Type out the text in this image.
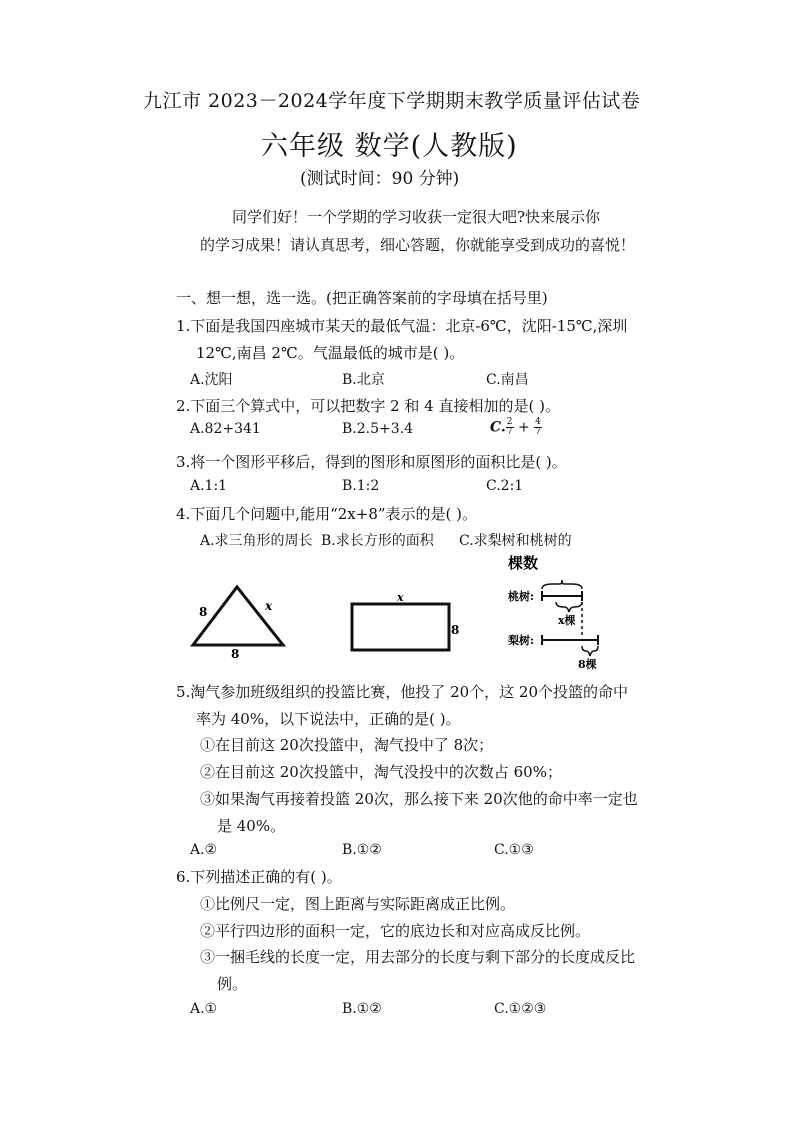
九江市 2023－2024学年度下学期期末教学质量评估试卷
六年级 数学(人教版)
(测试时间：90 分钟)
同学们好！一个学期的学习收获一定很大吧?快来展示你
的学习成果！请认真思考，细心答题，你就能享受到成功的喜悦！
一、想一想，选一选。(把正确答案前的字母填在括号里)
1.下面是我国四座城市某天的最低气温：北京-6℃，沈阳-15℃,深圳
12℃,南昌 2℃。气温最低的城市是( )。
A.沈阳	B.北京	C.南昌
2.下面三个算式中，可以把数字 2 和 4 直接相加的是( )。
A.82+341	B.2.5+3.4	C. $\frac{2}{7} + \frac{4}{7}$
3.将一个图形平移后，得到的图形和原图形的面积比是( )。
A.1:1	B.1:2	C.2:1
4.下面几个问题中,能用“2x+8”表示的是( )。
A.求三角形的周长 B.求长方形的面积 C.求梨树和桃树的
8	x
8
x
8
棵数
桃树:
x棵
梨树:
8棵
5.淘气参加班级组织的投篮比赛，他投了 20个，这 20个投篮的命中
率为 40%，以下说法中，正确的是( )。
①在目前这 20次投篮中，淘气投中了 8次；
②在目前这 20次投篮中，淘气没投中的次数占 60%；
③如果淘气再接着投篮 20次，那么接下来 20次他的命中率一定也
是 40%。
A.②	B.①②	C.①③
6.下列描述正确的有( )。
①比例尺一定，图上距离与实际距离成正比例。
②平行四边形的面积一定，它的底边长和对应高成反比例。
③一捆毛线的长度一定，用去部分的长度与剩下部分的长度成反比
例。
A.①	B.①②	C.①②③
